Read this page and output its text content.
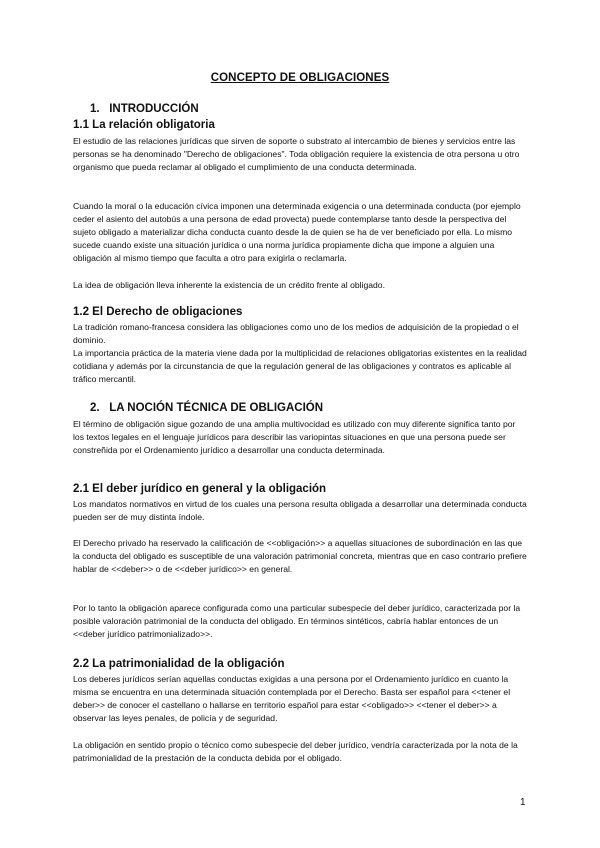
CONCEPTO DE OBLIGACIONES
1. INTRODUCCIÓN
1.1 La relación obligatoria

El estudio de las relaciones jurídicas que sirven de soporte o substrato al intercambio de bienes y servicios entre las personas se ha denominado "Derecho de obligaciones". Toda obligación requiere la existencia de otra persona u otro organismo que pueda reclamar al obligado el cumplimiento de una conducta determinada.

Cuando la moral o la educación cívica imponen una determinada exigencia o una determinada conducta (por ejemplo ceder el asiento del autobús a una persona de edad provecta) puede contemplarse tanto desde la perspectiva del sujeto obligado a materializar dicha conducta cuanto desde la de quien se ha de ver beneficiado por ella. Lo mismo sucede cuando existe una situación jurídica o una norma jurídica propiamente dicha que impone a alguien una obligación al mismo tiempo que faculta a otro para exigirla o reclamarla.

La idea de obligación lleva inherente la existencia de un crédito frente al obligado.

1.2 El Derecho de obligaciones

La tradición romano-francesa considera las obligaciones como uno de los medios de adquisición de la propiedad o el dominio.

La importancia práctica de la materia viene dada por la multiplicidad de relaciones obligatorias existentes en la realidad cotidiana y además por la circunstancia de que la regulación general de las obligaciones y contratos es aplicable al tráfico mercantil.

2. LA NOCIÓN TÉCNICA DE OBLIGACIÓN

El término de obligación sigue gozando de una amplia multivocidad es utilizado con muy diferente significa tanto por los textos legales en el lenguaje jurídicos para describir las variopintas situaciones en que una persona puede ser constreñida por el Ordenamiento jurídico a desarrollar una conducta determinada.

2.1 El deber jurídico en general y la obligación

Los mandatos normativos en virtud de los cuales una persona resulta obligada a desarrollar una determinada conducta pueden ser de muy distinta índole.

El Derecho privado ha reservado la calificación de <<obligación>> a aquellas situaciones de subordinación en las que la conducta del obligado es susceptible de una valoración patrimonial concreta, mientras que en caso contrario prefiere hablar de <<deber>> o de <<deber jurídico>> en general.

Por lo tanto la obligación aparece configurada como una particular subespecie del deber jurídico, caracterizada por la posible valoración patrimonial de la conducta del obligado. En términos sintéticos, cabría hablar entonces de un <<deber jurídico patrimonializado>>.

2.2 La patrimonialidad de la obligación

Los deberes jurídicos serían aquellas conductas exigidas a una persona por el Ordenamiento jurídico en cuanto la misma se encuentra en una determinada situación contemplada por el Derecho. Basta ser español para <<tener el deber>> de conocer el castellano o hallarse en territorio español para estar <<obligado>> <<tener el deber>> a observar las leyes penales, de policía y de seguridad.

La obligación en sentido propio o técnico como subespecie del deber jurídico, vendría caracterizada por la nota de la patrimonialidad de la prestación de la conducta debida por el obligado.

1
